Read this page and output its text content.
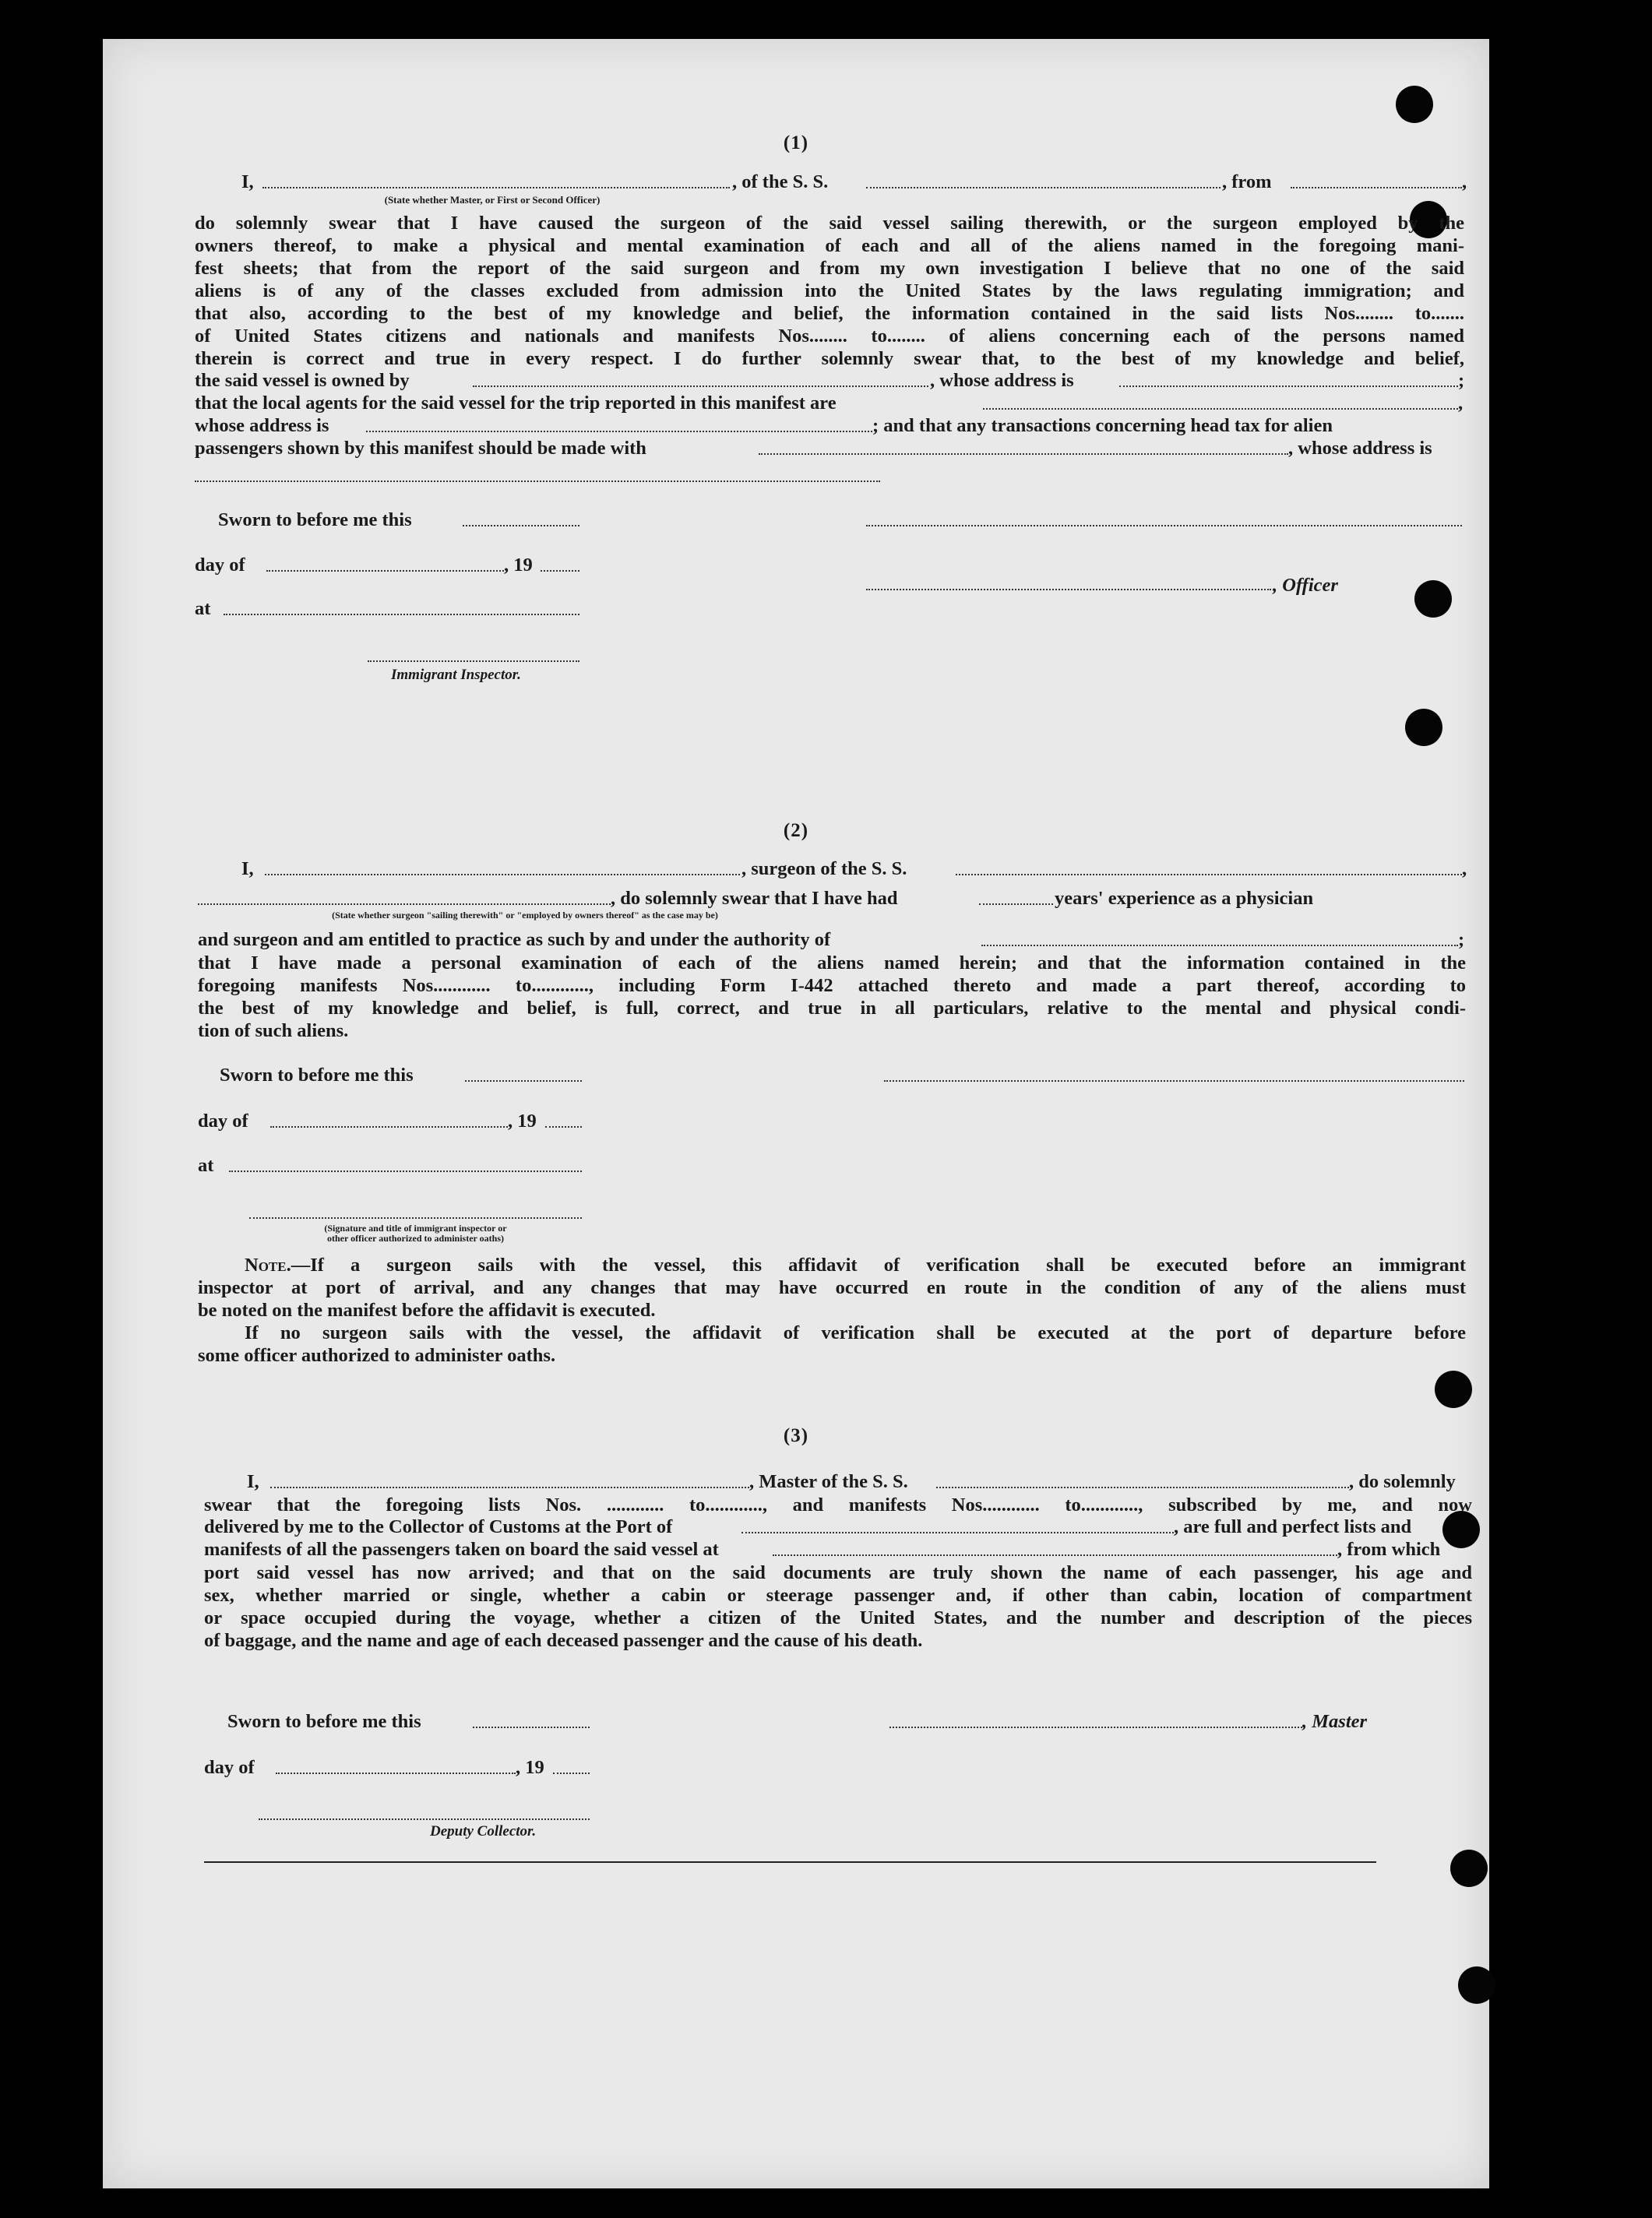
(1)
I,	, of the S. S.	, from	,
(State whether Master, or First or Second Officer)
do solemnly swear that I have caused the surgeon of the said vessel sailing therewith, or the surgeon employed by the
owners thereof, to make a physical and mental examination of each and all of the aliens named in the foregoing mani-
fest sheets; that from the report of the said surgeon and from my own investigation I believe that no one of the said
aliens is of any of the classes excluded from admission into the United States by the laws regulating immigration; and
that also, according to the best of my knowledge and belief, the information contained in the said lists Nos........ to.......
of United States citizens and nationals and manifests Nos........ to........ of aliens concerning each of the persons named
therein is correct and true in every respect. I do further solemnly swear that, to the best of my knowledge and belief,
the said vessel is owned by	, whose address is	;
that the local agents for the said vessel for the trip reported in this manifest are	,
whose address is	; and that any transactions concerning head tax for alien
passengers shown by this manifest should be made with	, whose address is
Sworn to before me this
day of	, 19
, Officer
at
Immigrant Inspector.
(2)
I,	, surgeon of the S. S.	,
, do solemnly swear that I have had	years' experience as a physician
(State whether surgeon "sailing therewith" or "employed by owners thereof" as the case may be)
and surgeon and am entitled to practice as such by and under the authority of	;
that I have made a personal examination of each of the aliens named herein; and that the information contained in the
foregoing manifests Nos............ to............, including Form I-442 attached thereto and made a part thereof, according to
the best of my knowledge and belief, is full, correct, and true in all particulars, relative to the mental and physical condi-
tion of such aliens.
Sworn to before me this
day of	, 19
at
(Signature and title of immigrant inspector or
other officer authorized to administer oaths)
Note.—If a surgeon sails with the vessel, this affidavit of verification shall be executed before an immigrant
inspector at port of arrival, and any changes that may have occurred en route in the condition of any of the aliens must
be noted on the manifest before the affidavit is executed.
If no surgeon sails with the vessel, the affidavit of verification shall be executed at the port of departure before
some officer authorized to administer oaths.
(3)
I,	, Master of the S. S.	, do solemnly
swear that the foregoing lists Nos. ............ to............, and manifests Nos............ to............, subscribed by me, and now
delivered by me to the Collector of Customs at the Port of	, are full and perfect lists and
manifests of all the passengers taken on board the said vessel at	, from which
port said vessel has now arrived; and that on the said documents are truly shown the name of each passenger, his age and
sex, whether married or single, whether a cabin or steerage passenger and, if other than cabin, location of compartment
or space occupied during the voyage, whether a citizen of the United States, and the number and description of the pieces
of baggage, and the name and age of each deceased passenger and the cause of his death.
Sworn to before me this	, Master
day of	, 19
Deputy Collector.
